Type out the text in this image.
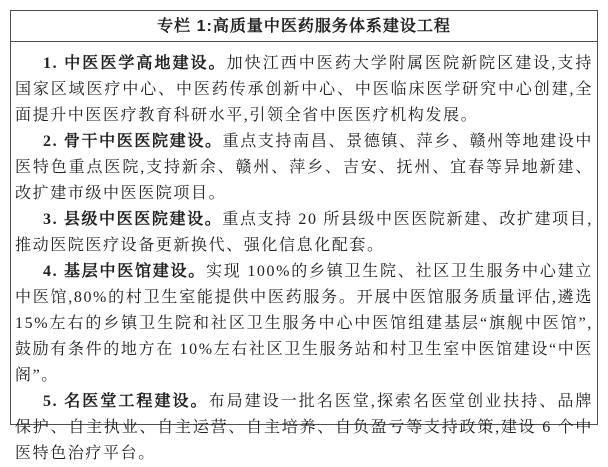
专栏 1:高质量中医药服务体系建设工程

1. 中医医学高地建设。加快江西中医药大学附属医院新院区建设,支持国家区域医疗中心、中医药传承创新中心、中医临床医学研究中心创建,全面提升中医医疗教育科研水平,引领全省中医医疗机构发展。

2. 骨干中医医院建设。重点支持南昌、景德镇、萍乡、赣州等地建设中医特色重点医院,支持新余、赣州、萍乡、吉安、抚州、宜春等异地新建、改扩建市级中医医院项目。

3. 县级中医医院建设。重点支持 20 所县级中医医院新建、改扩建项目,推动医院医疗设备更新换代、强化信息化配套。

4. 基层中医馆建设。实现 100%的乡镇卫生院、社区卫生服务中心建立中医馆,80%的村卫生室能提供中医药服务。开展中医馆服务质量评估,遴选 15%左右的乡镇卫生院和社区卫生服务中心中医馆组建基层“旗舰中医馆”,鼓励有条件的地方在 10%左右社区卫生服务站和村卫生室中医馆建设“中医阁”。

5. 名医堂工程建设。布局建设一批名医堂,探索名医堂创业扶持、品牌保护、自主执业、自主运营、自主培养、自负盈亏等支持政策,建设 6 个中医特色治疗平台。
